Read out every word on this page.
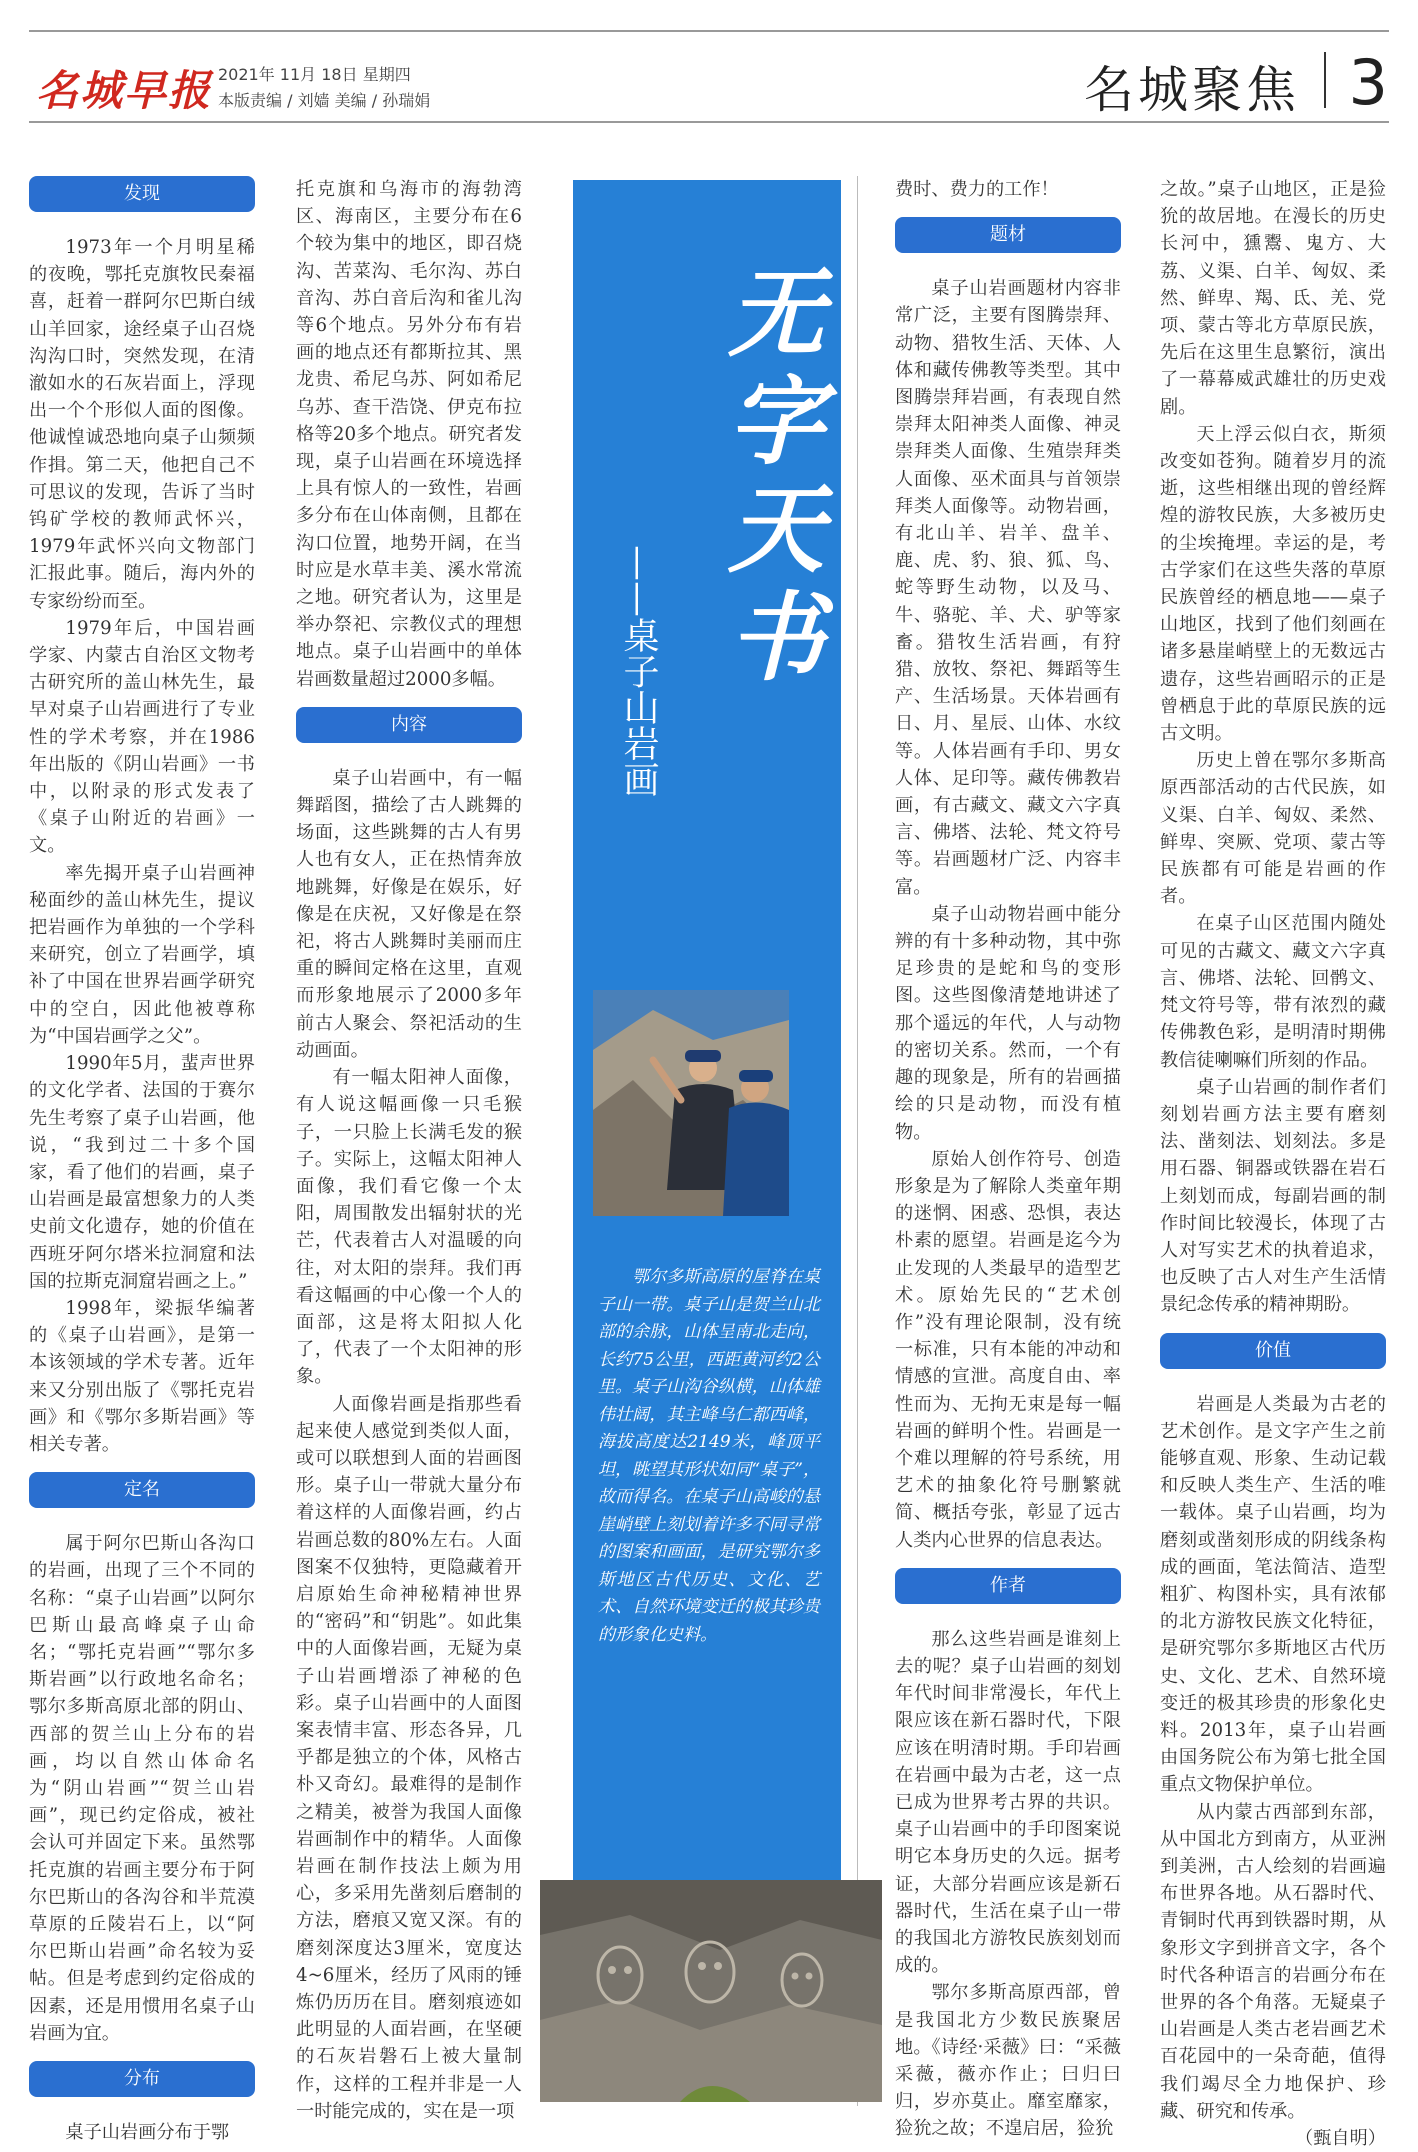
名城早报 2021年 11月 18日 星期四
本版责编 / 刘嫱 美编 / 孙瑞娟	名城聚焦 3
发现

1973年一个月明星稀的夜晚，鄂托克旗牧民秦福喜，赶着一群阿尔巴斯白绒山羊回家，途经桌子山召烧沟沟口时，突然发现，在清澈如水的石灰岩面上，浮现出一个个形似人面的图像。他诚惶诚恐地向桌子山频频作揖。第二天，他把自己不可思议的发现，告诉了当时钨矿学校的教师武怀兴，1979年武怀兴向文物部门汇报此事。随后，海内外的专家纷纷而至。

1979年后，中国岩画学家、内蒙古自治区文物考古研究所的盖山林先生，最早对桌子山岩画进行了专业性的学术考察，并在1986年出版的《阴山岩画》一书中，以附录的形式发表了《桌子山附近的岩画》一文。

率先揭开桌子山岩画神秘面纱的盖山林先生，提议把岩画作为单独的一个学科来研究，创立了岩画学，填补了中国在世界岩画学研究中的空白，因此他被尊称为“中国岩画学之父”。

1990年5月，蜚声世界的文化学者、法国的于赛尔先生考察了桌子山岩画，他说，“我到过二十多个国家，看了他们的岩画，桌子山岩画是最富想象力的人类史前文化遗存，她的价值在西班牙阿尔塔米拉洞窟和法国的拉斯克洞窟岩画之上。”

1998年，梁振华编著的《桌子山岩画》，是第一本该领域的学术专著。近年来又分别出版了《鄂托克岩画》和《鄂尔多斯岩画》等相关专著。

定名

属于阿尔巴斯山各沟口的岩画，出现了三个不同的名称：“桌子山岩画”以阿尔巴斯山最高峰桌子山命名；“鄂托克岩画”“鄂尔多斯岩画”以行政地名命名；鄂尔多斯高原北部的阴山、西部的贺兰山上分布的岩画，均以自然山体命名为“阴山岩画”“贺兰山岩画”，现已约定俗成，被社会认可并固定下来。虽然鄂托克旗的岩画主要分布于阿尔巴斯山的各沟谷和半荒漠草原的丘陵岩石上，以“阿尔巴斯山岩画”命名较为妥帖。但是考虑到约定俗成的因素，还是用惯用名桌子山岩画为宜。

分布

桌子山岩画分布于鄂

托克旗和乌海市的海勃湾区、海南区，主要分布在6个较为集中的地区，即召烧沟、苦菜沟、毛尔沟、苏白音沟、苏白音后沟和雀儿沟等6个地点。另外分布有岩画的地点还有都斯拉其、黑龙贵、希尼乌苏、阿如希尼乌苏、查干浩饶、伊克布拉格等20多个地点。研究者发现，桌子山岩画在环境选择上具有惊人的一致性，岩画多分布在山体南侧，且都在沟口位置，地势开阔，在当时应是水草丰美、溪水常流之地。研究者认为，这里是举办祭祀、宗教仪式的理想地点。桌子山岩画中的单体岩画数量超过2000多幅。

内容

桌子山岩画中，有一幅舞蹈图，描绘了古人跳舞的场面，这些跳舞的古人有男人也有女人，正在热情奔放地跳舞，好像是在娱乐，好像是在庆祝，又好像是在祭祀，将古人跳舞时美丽而庄重的瞬间定格在这里，直观而形象地展示了2000多年前古人聚会、祭祀活动的生动画面。

有一幅太阳神人面像，有人说这幅画像一只毛猴子，一只脸上长满毛发的猴子。实际上，这幅太阳神人面像，我们看它像一个太阳，周围散发出辐射状的光芒，代表着古人对温暖的向往，对太阳的崇拜。我们再看这幅画的中心像一个人的面部，这是将太阳拟人化了，代表了一个太阳神的形象。

人面像岩画是指那些看起来使人感觉到类似人面，或可以联想到人面的岩画图形。桌子山一带就大量分布着这样的人面像岩画，约占岩画总数的80%左右。人面图案不仅独特，更隐藏着开启原始生命神秘精神世界的“密码”和“钥匙”。如此集中的人面像岩画，无疑为桌子山岩画增添了神秘的色彩。桌子山岩画中的人面图案表情丰富、形态各异，几乎都是独立的个体，风格古朴又奇幻。最难得的是制作之精美，被誉为我国人面像岩画制作中的精华。人面像岩画在制作技法上颇为用心，多采用先凿刻后磨制的方法，磨痕又宽又深。有的磨刻深度达3厘米，宽度达4~6厘米，经历了风雨的锤炼仍历历在目。磨刻痕迹如此明显的人面岩画，在坚硬的石灰岩磐石上被大量制作，这样的工程并非是一人一时能完成的，实在是一项

无
字
天
书
——桌子山岩画
鄂尔多斯高原的屋脊在桌子山一带。桌子山是贺兰山北部的余脉，山体呈南北走向，长约75公里，西距黄河约2公里。桌子山沟谷纵横，山体雄伟壮阔，其主峰乌仁都西峰，海拔高度达2149米，峰顶平坦，眺望其形状如同“桌子”，故而得名。在桌子山高峻的悬崖峭壁上刻划着许多不同寻常的图案和画面，是研究鄂尔多斯地区古代历史、文化、艺术、自然环境变迁的极其珍贵的形象化史料。

费时、费力的工作！

题材

桌子山岩画题材内容非常广泛，主要有图腾崇拜、动物、猎牧生活、天体、人体和藏传佛教等类型。其中图腾崇拜岩画，有表现自然崇拜太阳神类人面像、神灵崇拜类人面像、生殖崇拜类人面像、巫术面具与首领崇拜类人面像等。动物岩画，有北山羊、岩羊、盘羊、鹿、虎、豹、狼、狐、鸟、蛇等野生动物，以及马、牛、骆驼、羊、犬、驴等家畜。猎牧生活岩画，有狩猎、放牧、祭祀、舞蹈等生产、生活场景。天体岩画有日、月、星辰、山体、水纹等。人体岩画有手印、男女人体、足印等。藏传佛教岩画，有古藏文、藏文六字真言、佛塔、法轮、梵文符号等。岩画题材广泛、内容丰富。

桌子山动物岩画中能分辨的有十多种动物，其中弥足珍贵的是蛇和鸟的变形图。这些图像清楚地讲述了那个遥远的年代，人与动物的密切关系。然而，一个有趣的现象是，所有的岩画描绘的只是动物，而没有植物。

原始人创作符号、创造形象是为了解除人类童年期的迷惘、困惑、恐惧，表达朴素的愿望。岩画是迄今为止发现的人类最早的造型艺术。原始先民的“艺术创作”没有理论限制，没有统一标准，只有本能的冲动和情感的宣泄。高度自由、率性而为、无拘无束是每一幅岩画的鲜明个性。岩画是一个难以理解的符号系统，用艺术的抽象化符号删繁就简、概括夸张，彰显了远古人类内心世界的信息表达。

作者

那么这些岩画是谁刻上去的呢？桌子山岩画的刻划年代时间非常漫长，年代上限应该在新石器时代，下限应该在明清时期。手印岩画在岩画中最为古老，这一点已成为世界考古界的共识。桌子山岩画中的手印图案说明它本身历史的久远。据考证，大部分岩画应该是新石器时代，生活在桌子山一带的我国北方游牧民族刻划而成的。

鄂尔多斯高原西部，曾是我国北方少数民族聚居地。《诗经·采薇》曰：“采薇采薇，薇亦作止；曰归曰归，岁亦莫止。靡室靡家，猃狁之故；不遑启居，猃狁

之故。”桌子山地区，正是猃狁的故居地。在漫长的历史长河中，獯鬻、鬼方、大荔、义渠、白羊、匈奴、柔然、鲜卑、羯、氐、羌、党项、蒙古等北方草原民族，先后在这里生息繁衍，演出了一幕幕威武雄壮的历史戏剧。

天上浮云似白衣，斯须改变如苍狗。随着岁月的流逝，这些相继出现的曾经辉煌的游牧民族，大多被历史的尘埃掩埋。幸运的是，考古学家们在这些失落的草原民族曾经的栖息地——桌子山地区，找到了他们刻画在诸多悬崖峭壁上的无数远古遗存，这些岩画昭示的正是曾栖息于此的草原民族的远古文明。

历史上曾在鄂尔多斯高原西部活动的古代民族，如义渠、白羊、匈奴、柔然、鲜卑、突厥、党项、蒙古等民族都有可能是岩画的作者。

在桌子山区范围内随处可见的古藏文、藏文六字真言、佛塔、法轮、回鹘文、梵文符号等，带有浓烈的藏传佛教色彩，是明清时期佛教信徒喇嘛们所刻的作品。

桌子山岩画的制作者们刻划岩画方法主要有磨刻法、凿刻法、划刻法。多是用石器、铜器或铁器在岩石上刻划而成，每副岩画的制作时间比较漫长，体现了古人对写实艺术的执着追求，也反映了古人对生产生活情景纪念传承的精神期盼。

价值

岩画是人类最为古老的艺术创作。是文字产生之前能够直观、形象、生动记载和反映人类生产、生活的唯一载体。桌子山岩画，均为磨刻或凿刻形成的阴线条构成的画面，笔法简洁、造型粗犷、构图朴实，具有浓郁的北方游牧民族文化特征，是研究鄂尔多斯地区古代历史、文化、艺术、自然环境变迁的极其珍贵的形象化史料。2013年，桌子山岩画由国务院公布为第七批全国重点文物保护单位。

从内蒙古西部到东部，从中国北方到南方，从亚洲到美洲，古人绘刻的岩画遍布世界各地。从石器时代、青铜时代再到铁器时期，从象形文字到拼音文字，各个时代各种语言的岩画分布在世界的各个角落。无疑桌子山岩画是人类古老岩画艺术百花园中的一朵奇葩，值得我们竭尽全力地保护、珍藏、研究和传承。
（甄自明）
